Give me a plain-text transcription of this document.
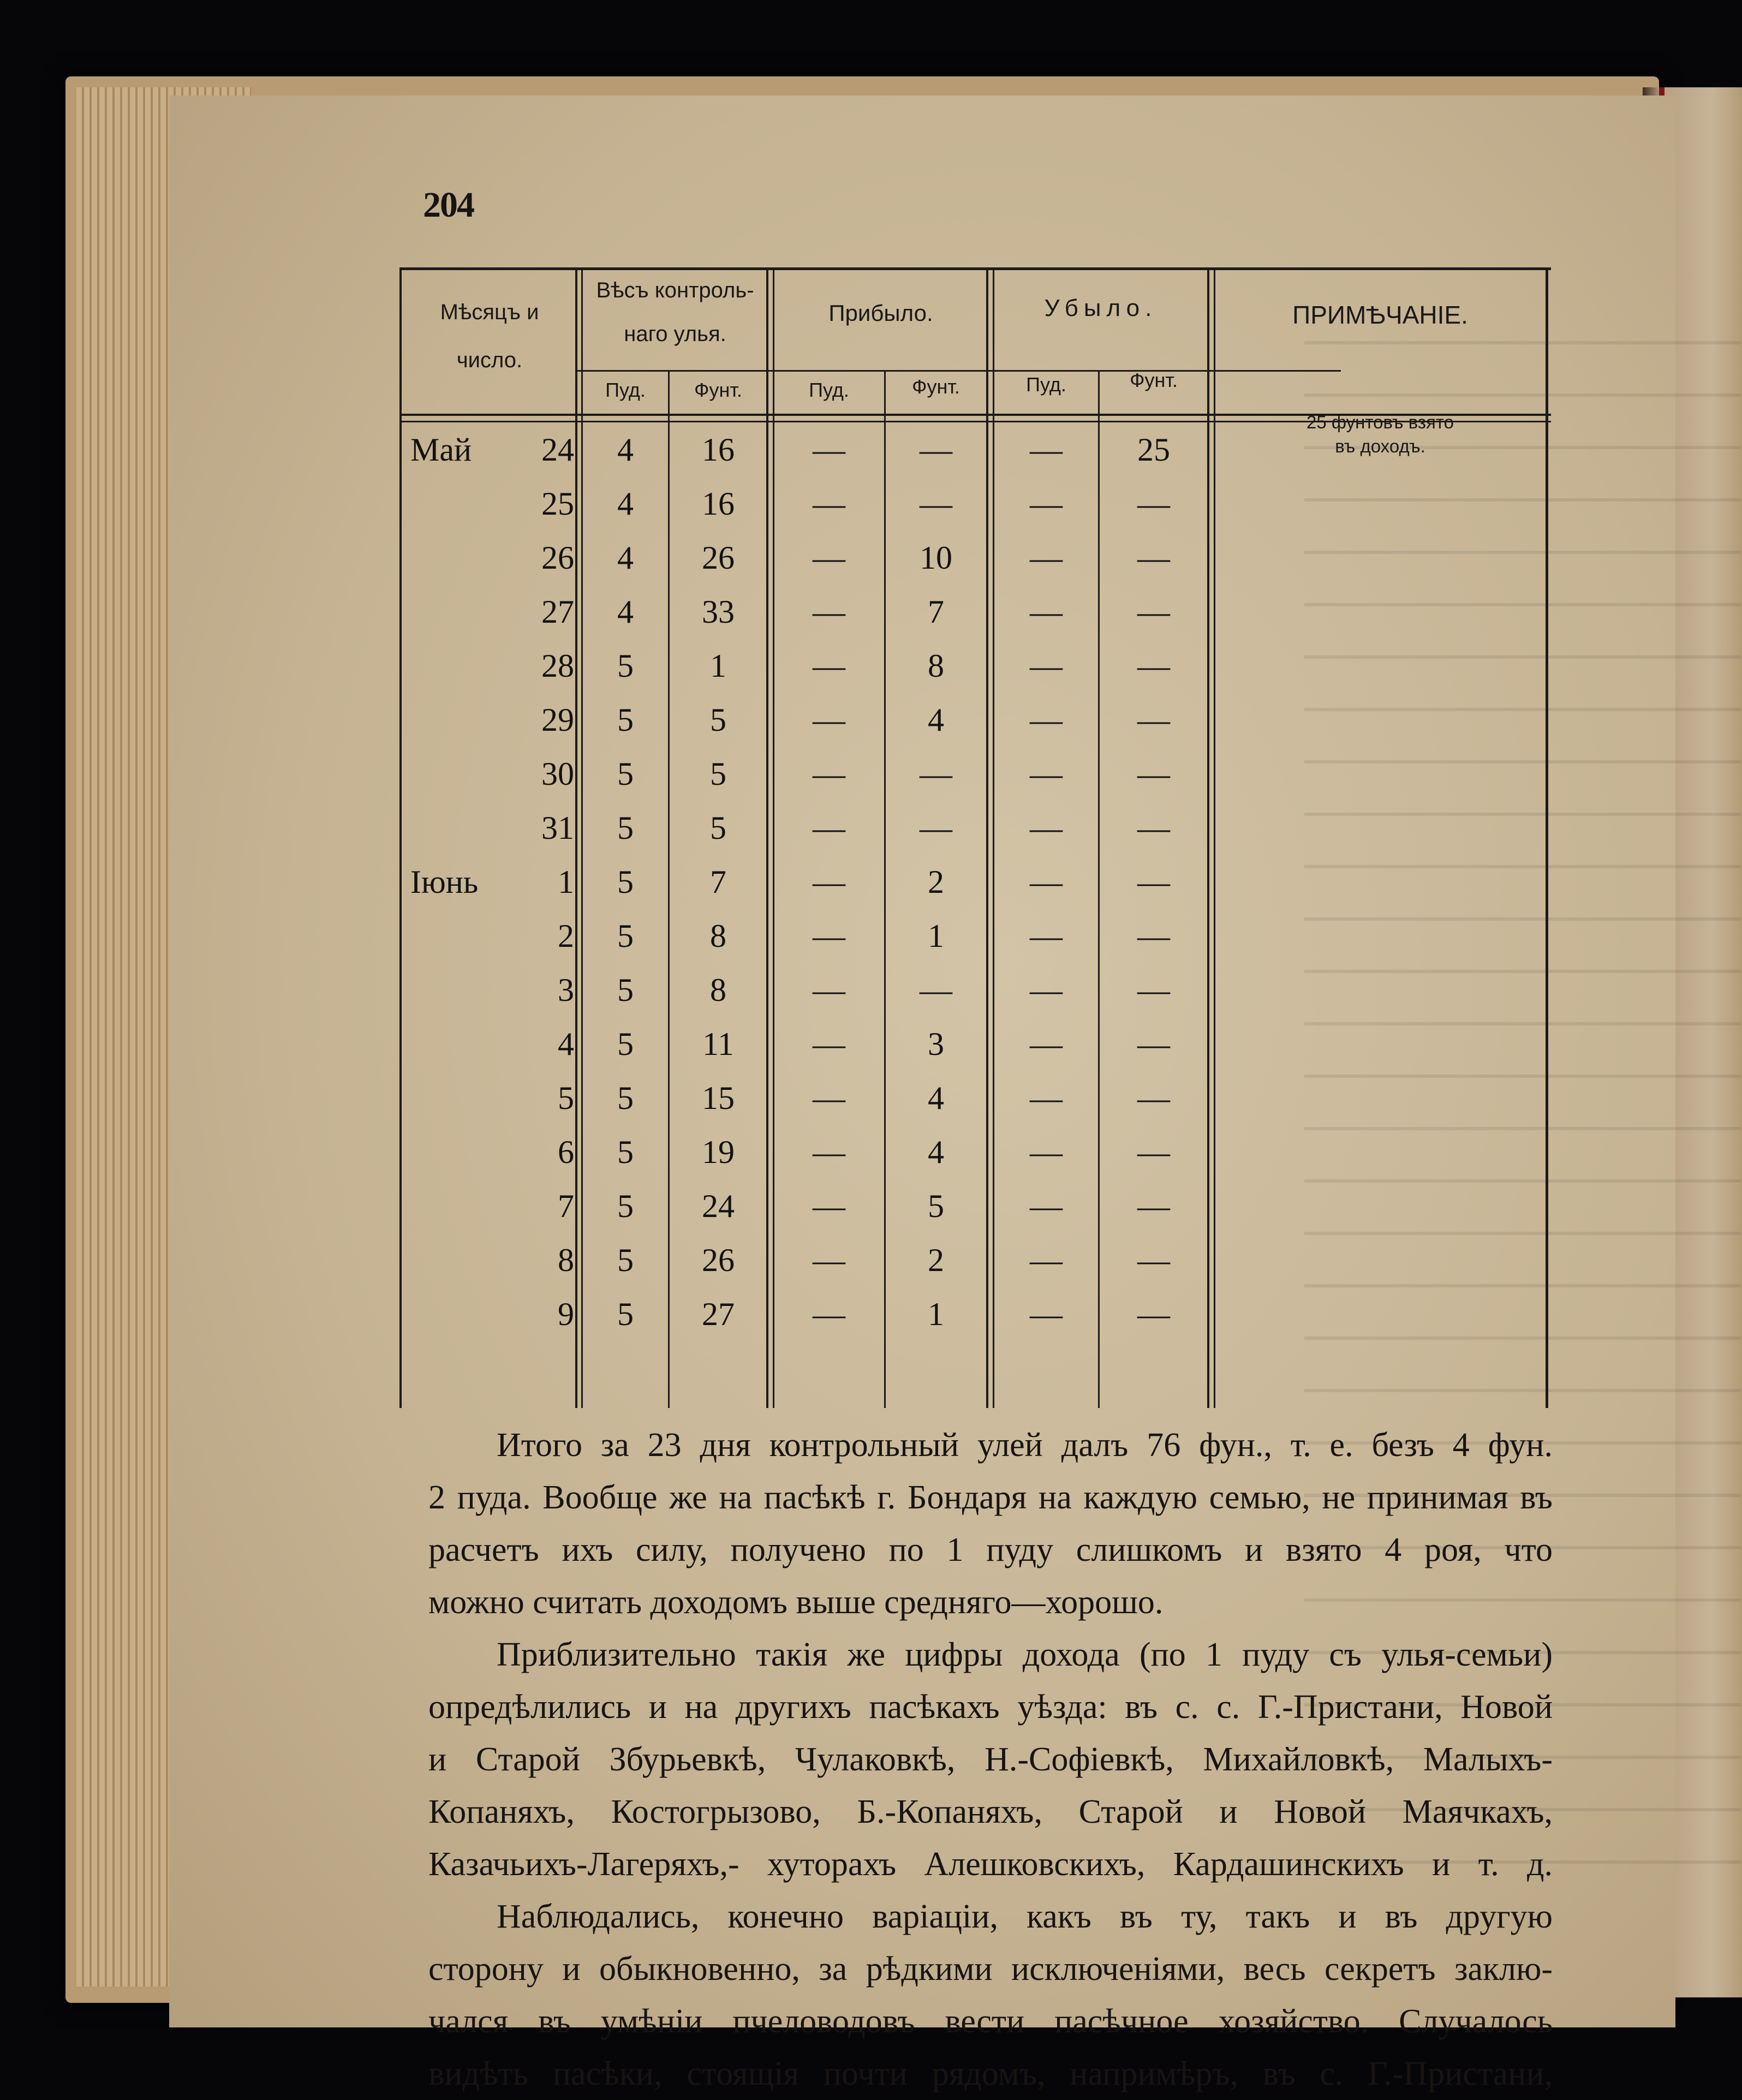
204
Мѣсяцъ и
число.
Вѣсъ контроль-
наго улья.
Прибыло.	Убыло.	ПРИМѢЧАНІЕ.
Пуд.	Фунт.	Пуд.	Фунт.	Пуд.	Фунт.
25 фунтовъ взято
въ доходъ.
Май	24	4	16	—	—	—	25
25	4	16	—	—	—	—
26	4	26	—	10	—	—
27	4	33	—	7	—	—
28	5	1	—	8	—	—
29	5	5	—	4	—	—
30	5	5	—	—	—	—
31	5	5	—	—	—	—
Іюнь	1	5	7	—	2	—	—
2	5	8	—	1	—	—
3	5	8	—	—	—	—
4	5	11	—	3	—	—
5	5	15	—	4	—	—
6	5	19	—	4	—	—
7	5	24	—	5	—	—
8	5	26	—	2	—	—
9	5	27	—	1	—	—

Итого за 23 дня контрольный улей далъ 76 фун., т. е. безъ 4 фун.

2 пуда. Вообще же на пасѣкѣ г. Бондаря на каждую семью, не принимая въ

расчетъ ихъ силу, получено по 1 пуду слишкомъ и взято 4 роя, что

можно считать доходомъ выше средняго—хорошо.

Приблизительно такія же цифры дохода (по 1 пуду съ улья-семьи)

опредѣлились и на другихъ пасѣкахъ уѣзда: въ с. с. Г.-Пристани, Новой

и Старой Збурьевкѣ, Чулаковкѣ, Н.-Софіевкѣ, Михайловкѣ, Малыхъ-

Копаняхъ, Костогрызово, Б.-Копаняхъ, Старой и Новой Маячкахъ,

Казачьихъ-Лагеряхъ,- хуторахъ Алешковскихъ, Кардашинскихъ и т. д.

Наблюдались, конечно варіаціи, какъ въ ту, такъ и въ другую

сторону и обыкновенно, за рѣдкими исключеніями, весь секретъ заклю-

чался въ умѣніи пчеловодовъ вести пасѣчное хозяйство. Случалось

видѣть пасѣки, стоящія почти рядомъ, напримѣръ, въ с. Г.-Пристани,
